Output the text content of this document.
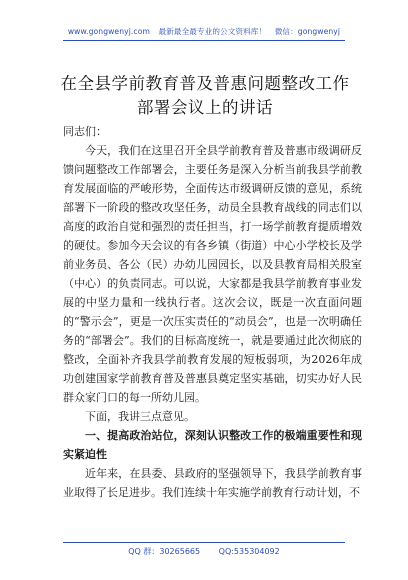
www.gongwenyj.com 最新最全最专业的公文资料库！ 微信：gongwenyj
在全县学前教育普及普惠问题整改工作部署会议上的讲话

同志们：

今天，我们在这里召开全县学前教育普及普惠市级调研反馈问题整改工作部署会，主要任务是深入分析当前我县学前教育发展面临的严峻形势，全面传达市级调研反馈的意见，系统部署下一阶段的整改攻坚任务，动员全县教育战线的同志们以高度的政治自觉和强烈的责任担当，打一场学前教育提质增效的硬仗。参加今天会议的有各乡镇（街道）中心小学校长及学前业务员、各公（民）办幼儿园园长，以及县教育局相关股室（中心）的负责同志。可以说，大家都是我县学前教育事业发展的中坚力量和一线执行者。这次会议，既是一次直面问题的“警示会”，更是一次压实责任的“动员会”，也是一次明确任务的“部署会”。我们的目标高度统一，就是要通过此次彻底的整改，全面补齐我县学前教育发展的短板弱项，为2026年成功创建国家学前教育普及普惠县奠定坚实基础，切实办好人民群众家门口的每一所幼儿园。

下面，我讲三点意见。

一、提高政治站位，深刻认识整改工作的极端重要性和现实紧迫性

近年来，在县委、县政府的坚强领导下，我县学前教育事业取得了长足进步。我们连续十年实施学前教育行动计划，不

QQ 群：30265665 QQ:535304092
